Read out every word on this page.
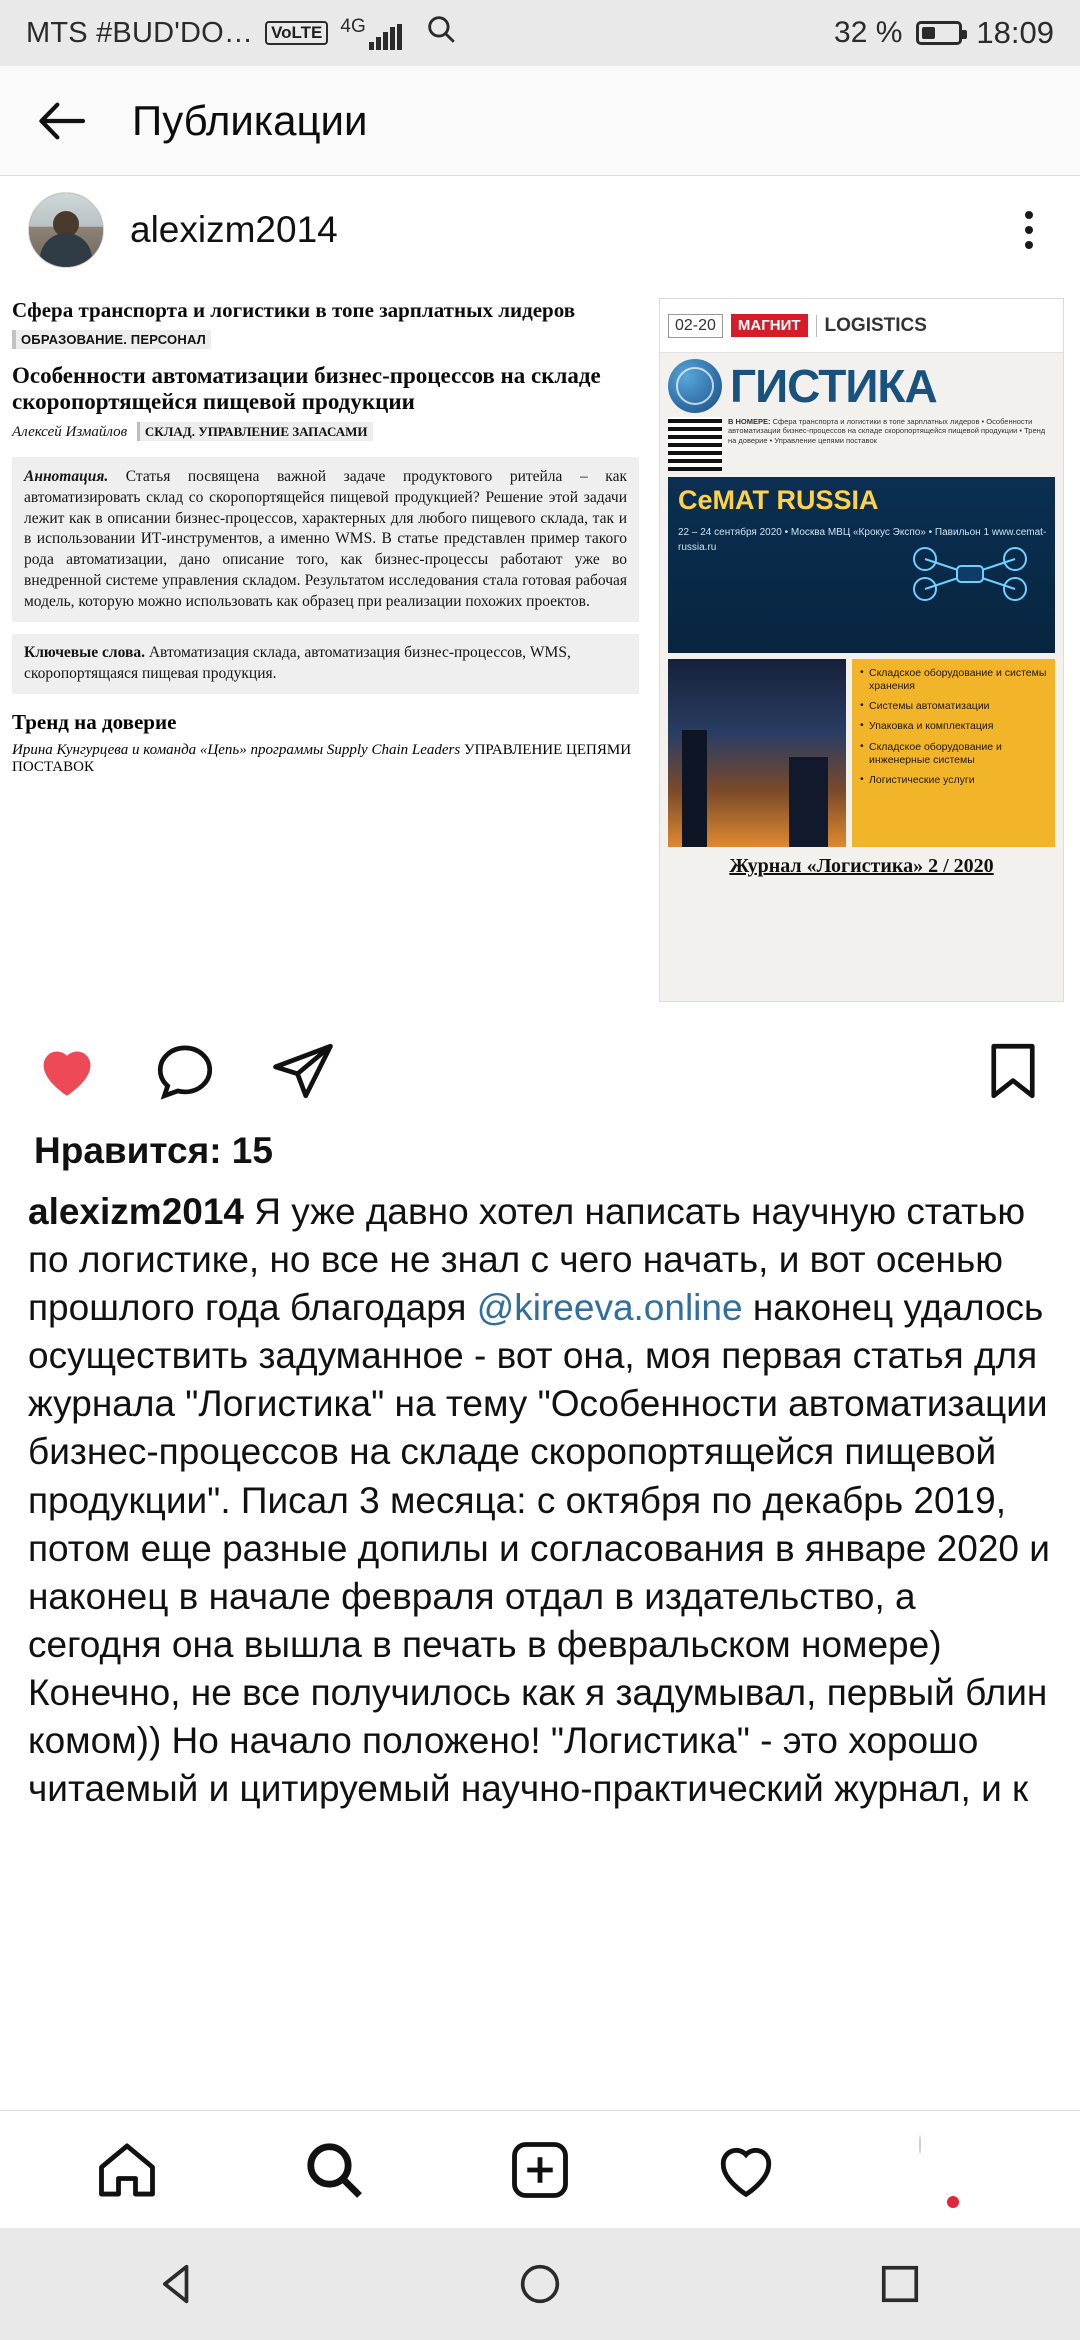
MTS #BUD'DO…	VoLTE 4G	32 % 18:09
Публикации
alexizm2014
Сфера транспорта и логистики в топе зарплатных лидеров
ОБРАЗОВАНИЕ. ПЕРСОНАЛ
Особенности автоматизации бизнес-процессов на складе скоропортящейся пищевой продукции
Алексей Измайлов СКЛАД. УПРАВЛЕНИЕ ЗАПАСАМИ
Аннотация. Статья посвящена важной задаче продуктового ритейла – как автоматизировать склад со скоропортящейся пищевой продукцией? Решение этой задачи лежит как в описании бизнес-процессов, характерных для любого пищевого склада, так и в использовании ИТ-инструментов, а именно WMS. В статье представлен пример такого рода автоматизации, дано описание того, как бизнес-процессы работают уже во внедренной системе управления складом. Результатом исследования стала готовая рабочая модель, которую можно использовать как образец при реализации похожих проектов.
Ключевые слова. Автоматизация склада, автоматизация бизнес-процессов, WMS, скоропортящаяся пищевая продукция.
Тренд на доверие
Ирина Кунгурцева и команда «Цепь» программы Supply Chain Leaders УПРАВЛЕНИЕ ЦЕПЯМИ ПОСТАВОК
02-20	МАГНИТ	LOGISTICS
ГИСТИКА
В НОМЕРЕ: Сфера транспорта и логистики в топе зарплатных лидеров • Особенности автоматизации бизнес-процессов на складе скоропортящейся пищевой продукции • Тренд на доверие • Управление цепями поставок
CeMAT RUSSIA
22 – 24 сентября 2020 • Москва МВЦ «Крокус Экспо» • Павильон 1 www.cemat-russia.ru
• Складское оборудование и системы хранения
• Системы автоматизации
• Упаковка и комплектация
• Складское оборудование и инженерные системы
• Логистические услуги
Журнал «Логистика» 2 / 2020
Нравится: 15
alexizm2014 Я уже давно хотел написать научную статью по логистике, но все не знал с чего начать, и вот осенью прошлого года благодаря @kireeva.online наконец удалось осуществить задуманное - вот она, моя первая статья для журнала "Логистика" на тему "Особенности автоматизации бизнес-процессов на складе скоропортящейся пищевой продукции". Писал 3 месяца: с октября по декабрь 2019, потом еще разные допилы и согласования в январе 2020 и наконец в начале февраля отдал в издательство, а сегодня она вышла в печать в февральском номере) Конечно, не все получилось как я задумывал, первый блин комом)) Но начало положено! "Логистика" - это хорошо читаемый и цитируемый научно-практический журнал, и к
